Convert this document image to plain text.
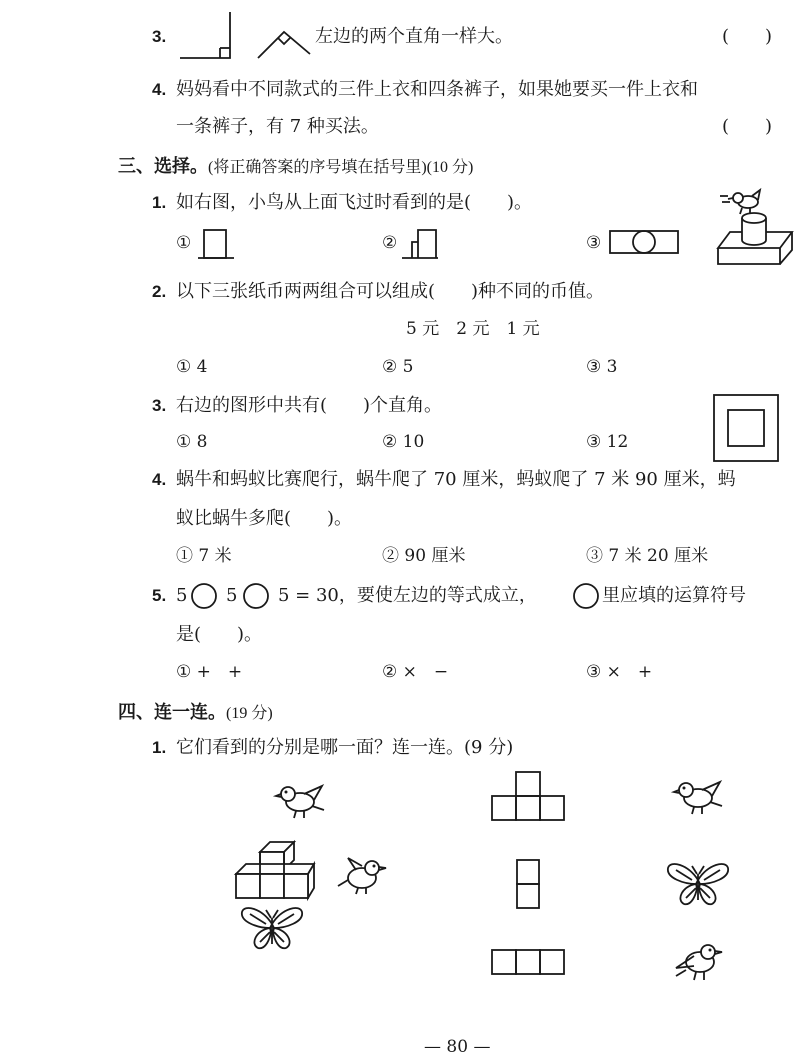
3.	左边的两个直角一样大。	(　　)
4. 妈妈看中不同款式的三件上衣和四条裤子，如果她要买一件上衣和
一条裤子，有 7 种买法。	(　　)
三、选择。(将正确答案的序号填在括号里)(10 分)
1. 如右图，小鸟从上面飞过时看到的是(　　)。
①	②	③
2. 以下三张纸币两两组合可以组成(　　)种不同的币值。
5 元　2 元　1 元
① 4	② 5	③ 3
3. 右边的图形中共有(　　)个直角。
① 8	② 10	③ 12
4. 蜗牛和蚂蚁比赛爬行，蜗牛爬了 70 厘米，蚂蚁爬了 7 米 90 厘米，蚂
蚁比蜗牛多爬(　　)。
① 7 米	② 90 厘米	③ 7 米 20 厘米
5. 5 5 5 = 30，要使左边的等式成立，	里应填的运算符号
是(　　)。
① +　+	② ×　−	③ ×　+
四、连一连。(19 分)
1. 它们看到的分别是哪一面？连一连。(9 分)
— 80 —
